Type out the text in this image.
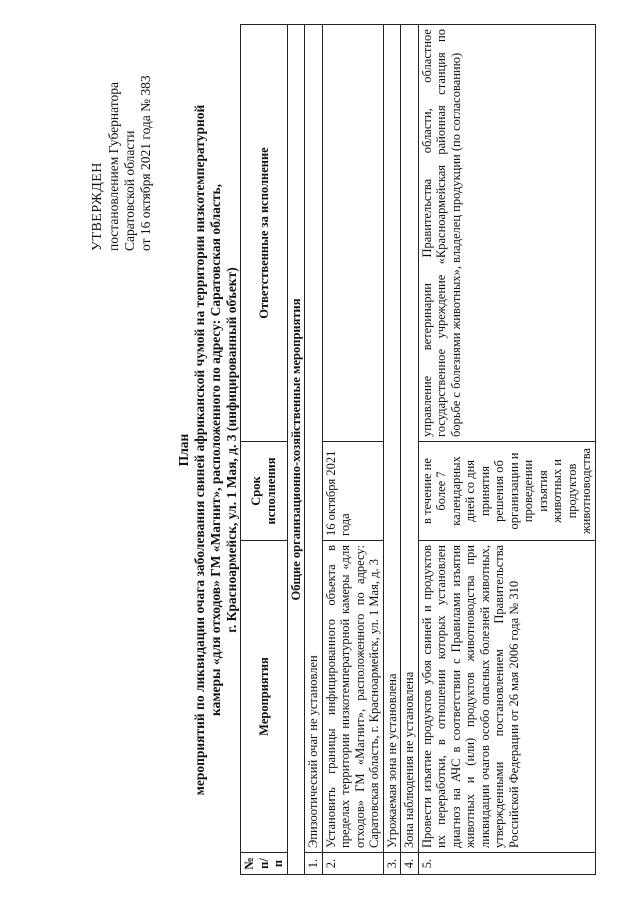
УТВЕРЖДЕН постановлением Губернатора Саратовской области от 16 октября 2021 года № 383
План мероприятий по ликвидации очага заболевания свиней африканской чумой на территории низкотемпературной камеры «для отходов» ГМ «Магнит», расположенного по адресу: Саратовская область, г. Красноармейск, ул. 1 Мая, д. 3 (инфицированный объект)
№ п/п	Мероприятия	Срок исполнения	Ответственные за исполнение
Общие организационно-хозяйственные мероприятия			
1.	Эпизоотический очаг не установлен		
2.	Установить границы инфицированного объекта в пределах территории низкотемпературной камеры «для отходов» ГМ «Магнит», расположенного по адресу: Саратовская область, г. Красноармейск, ул. 1 Мая, д. 3	16 октября 2021 года	
3.	Угрожаемая зона не установлена		
4.	Зона наблюдения не установлена		
5.	Провести изъятие продуктов убоя свиней и продуктов их переработки, в отношении которых установлен диагноз на АЧС в соответствии с Правилами изъятия животных и (или) продуктов животноводства при ликвидации очагов особо опасных болезней животных, утвержденными постановлением Правительства Российской Федерации от 26 мая 2006 года № 310	в течение не более 7 календарных дней со дня принятия решения об организации и проведении изъятия животных и продуктов животноводства	управление ветеринарии Правительства области, областное государственное учреждение «Красноармейская районная станция по борьбе с болезнями животных», владелец продукции (по согласованию)
